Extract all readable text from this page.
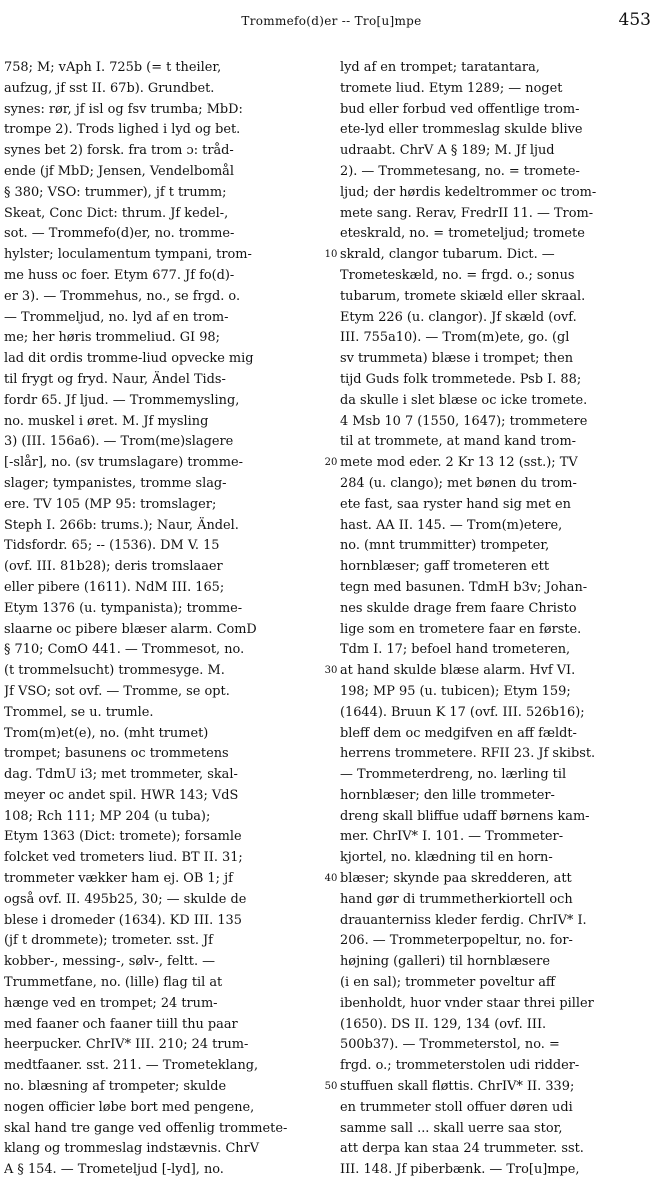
Trommefo(d)er -- Tro[u]mpe	453
758; M; vAph I. 725b (= t theiler,
aufzug, jf sst II. 67b). Grundbet.
synes: rør, jf isl og fsv trumba; MbD:
trompe 2). Trods lighed i lyd og bet.
synes bet 2) forsk. fra trom ɔ: tråd-
ende (jf MbD; Jensen, Vendelbomål
§ 380; VSO: trummer), jf t trumm;
Skeat, Conc Dict: thrum. Jf kedel-,
sot. — Trommefo(d)er, no. tromme-
hylster; loculamentum tympani, trom-
me huss oc foer. Etym 677. Jf fo(d)-
er 3). — Trommehus, no., se frgd. o.
— Trommeljud, no. lyd af en trom-
me; her høris trommeliud. GI 98;
lad dit ordis tromme-liud opvecke mig
til frygt og fryd. Naur, Ändel Tids-
fordr 65. Jf ljud. — Trommemysling,
no. muskel i øret. M. Jf mysling
3) (III. 156a6). — Trom(me)slagere
[-slår], no. (sv trumslagare) tromme-
slager; tympanistes, tromme slag-
ere. TV 105 (MP 95: tromslager;
Steph I. 266b: trums.); Naur, Ändel.
Tidsfordr. 65; -- (1536). DM V. 15
(ovf. III. 81b28); deris tromslaaer
eller pibere (1611). NdM III. 165;
Etym 1376 (u. tympanista); tromme-
slaarne oc pibere blæser alarm. ComD
§ 710; ComO 441. — Trommesot, no.
(t trommelsucht) trommesyge. M.
Jf VSO; sot ovf. — Tromme, se opt.
Trommel, se u. trumle.
Trom(m)et(e), no. (mht trumet)
trompet; basunens oc trommetens
dag. TdmU i3; met trommeter, skal-
meyer oc andet spil. HWR 143; VdS
108; Rch 111; MP 204 (u tuba);
Etym 1363 (Dict: tromete); forsamle
folcket ved trometers liud. BT II. 31;
trommeter vækker ham ej. OB 1; jf
også ovf. II. 495b25, 30; — skulde de
blese i dromeder (1634). KD III. 135
(jf t drommete); trometer. sst. Jf
kobber-, messing-, sølv-, feltt. —
Trummetfane, no. (lille) flag til at
hænge ved en trompet; 24 trum-
med faaner och faaner tiill thu paar
heerpucker. ChrIV* III. 210; 24 trum-
medtfaaner. sst. 211. — Trometeklang,
no. blæsning af trompeter; skulde
nogen officier løbe bort med pengene,
skal hand tre gange ved offenlig trommete-
klang og trommeslag indstævnis. ChrV
A § 154. — Trometeljud [-lyd], no.
lyd af en trompet; taratantara,
tromete liud. Etym 1289; — noget
bud eller forbud ved offentlige trom-
ete-lyd eller trommeslag skulde blive
udraabt. ChrV A § 189; M. Jf ljud
2). — Trommetesang, no. = tromete-
ljud; der hørdis kedeltrommer oc trom-
mete sang. Rerav, FredrII 11. — Trom-
eteskrald, no. = trometeljud; tromete
skrald, clangor tubarum. Dict. —
Trometeskæld, no. = frgd. o.; sonus
tubarum, tromete skiæld eller skraal.
Etym 226 (u. clangor). Jf skæld (ovf.
III. 755a10). — Trom(m)ete, go. (gl
sv trummeta) blæse i trompet; then
tijd Guds folk trommetede. Psb I. 88;
da skulle i slet blæse oc icke tromete.
4 Msb 10 7 (1550, 1647); trommetere
til at trommete, at mand kand trom-
mete mod eder. 2 Kr 13 12 (sst.); TV
284 (u. clango); met bønen du trom-
ete fast, saa ryster hand sig met en
hast. AA II. 145. — Trom(m)etere,
no. (mnt trummitter) trompeter,
hornblæser; gaff trometeren ett
tegn med basunen. TdmH b3v; Johan-
nes skulde drage frem faare Christo
lige som en trometere faar en første.
Tdm I. 17; befoel hand trometeren,
at hand skulde blæse alarm. Hvf VI.
198; MP 95 (u. tubicen); Etym 159;
(1644). Bruun K 17 (ovf. III. 526b16);
bleff dem oc medgifven en aff fældt-
herrens trommetere. RFII 23. Jf skibst.
— Trommeterdreng, no. lærling til
hornblæser; den lille trommeter-
dreng skall bliffue udaff børnens kam-
mer. ChrIV* I. 101. — Trommeter-
kjortel, no. klædning til en horn-
blæser; skynde paa skredderen, att
hand gør di trummetherkiortell och
drauanterniss kleder ferdig. ChrIV* I.
206. — Trommeterpopeltur, no. for-
højning (galleri) til hornblæsere
(i en sal); trommeter poveltur aff
ibenholdt, huor vnder staar threi piller
(1650). DS II. 129, 134 (ovf. III.
500b37). — Trommeterstol, no. =
frgd. o.; trommeterstolen udi ridder-
stuffuen skall fløttis. ChrIV* II. 339;
en trummeter stoll offuer døren udi
samme sall ... skall uerre saa stor,
att derpa kan staa 24 trummeter. sst.
III. 148. Jf piberbænk. — Tro[u]mpe,
10
20
30
40
50
